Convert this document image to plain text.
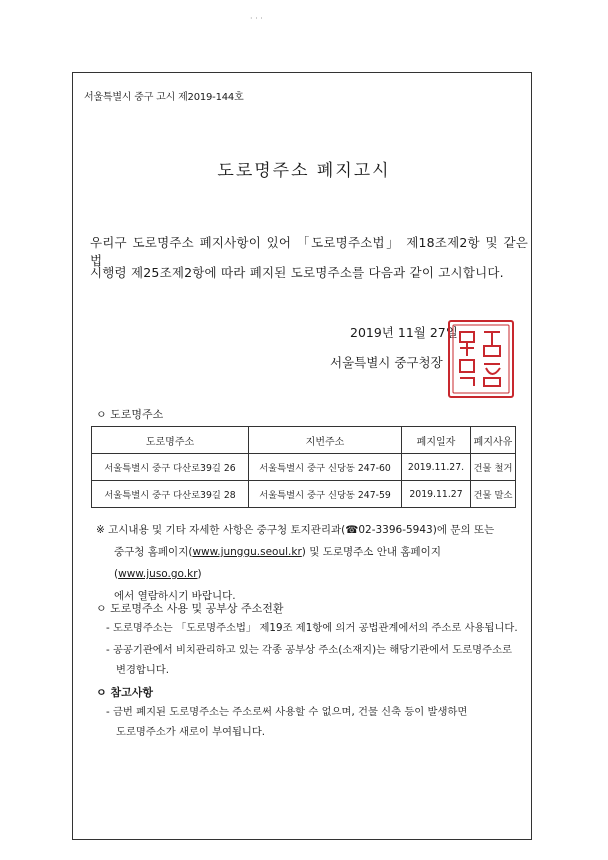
· · ·
서울특별시 중구 고시 제2019-144호
도로명주소 폐지고시
우리구 도로명주소 폐지사항이 있어 「도로명주소법」 제18조제2항 및 같은 법
시행령 제25조제2항에 따라 폐지된 도로명주소를 다음과 같이 고시합니다.
2019년 11월 27일
서울특별시 중구청장
ㅇ 도로명주소
도로명주소	지번주소	폐지일자	폐지사유
서울특별시 중구 다산로39길 26	서울특별시 중구 신당동 247-60	2019.11.27.	건물 철거
서울특별시 중구 다산로39길 28	서울특별시 중구 신당동 247-59	2019.11.27	건물 말소
※ 고시내용 및 기타 자세한 사항은 중구청 토지관리과(☎02-3396-5943)에 문의 또는
중구청 홈페이지(www.junggu.seoul.kr) 및 도로명주소 안내 홈페이지(www.juso.go.kr)
에서 열람하시기 바랍니다.
ㅇ 도로명주소 사용 및 공부상 주소전환
- 도로명주소는 「도로명주소법」 제19조 제1항에 의거 공법관계에서의 주소로 사용됩니다.
- 공공기관에서 비치관리하고 있는 각종 공부상 주소(소재지)는 해당기관에서 도로명주소로
변경합니다.
ㅇ 참고사항
- 금번 폐지된 도로명주소는 주소로써 사용할 수 없으며, 건물 신축 등이 발생하면
도로명주소가 새로이 부여됩니다.
